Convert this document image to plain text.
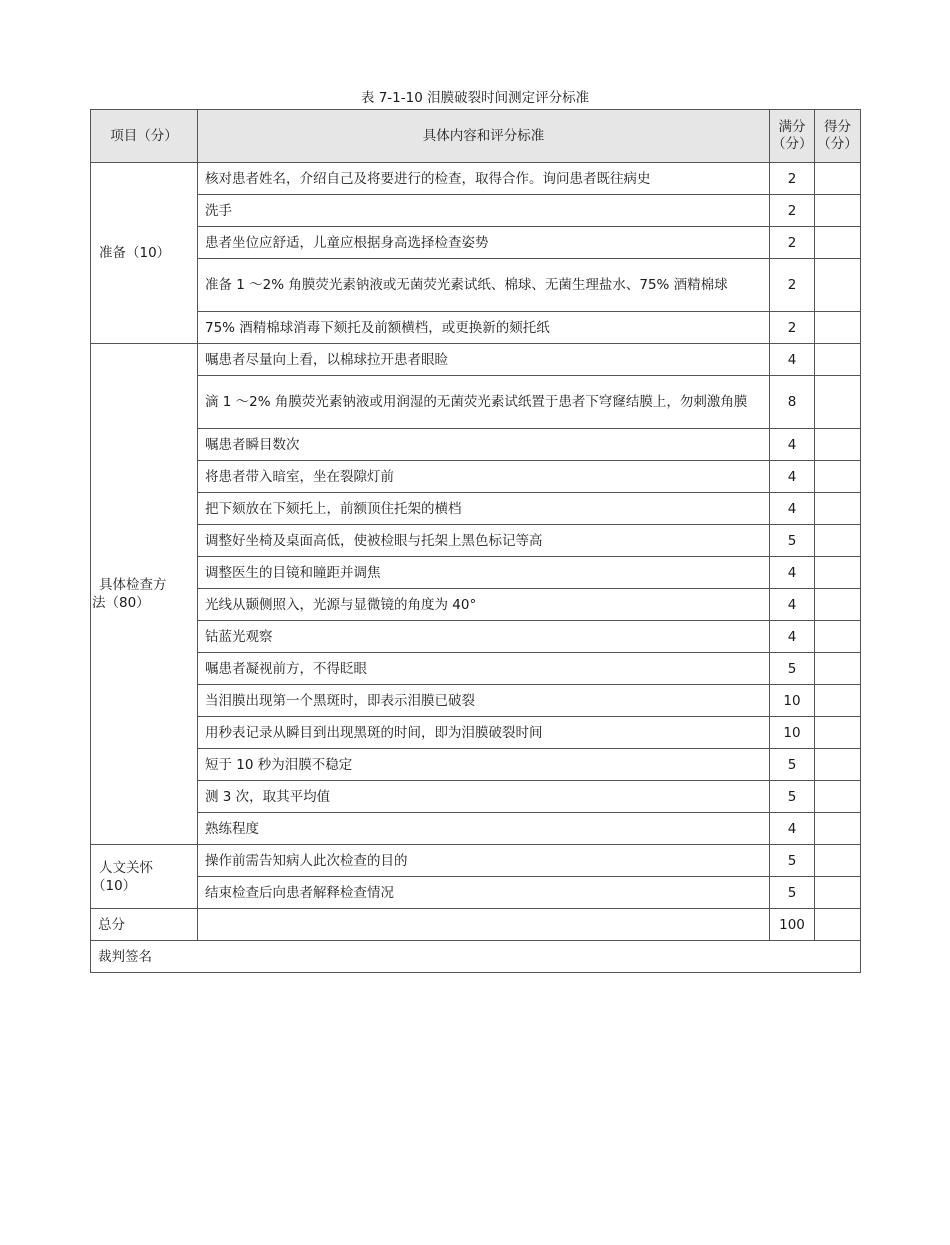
表 7-1-10 泪膜破裂时间测定评分标准
项目（分）	具体内容和评分标准	满分（分）	得分（分）

准备（10）	核对患者姓名，介绍自己及将要进行的检查，取得合作。询问患者既往病史	2	
	洗手	2	
	患者坐位应舒适，儿童应根据身高选择检查姿势	2	
	准备 1 ～2% 角膜荧光素钠液或无菌荧光素试纸、棉球、无菌生理盐水、75% 酒精棉球	2	
	75% 酒精棉球消毒下颏托及前额横档，或更换新的颏托纸	2	

具体检查方法（80）	嘱患者尽量向上看，以棉球拉开患者眼睑	4	
	滴 1 ～2% 角膜荧光素钠液或用润湿的无菌荧光素试纸置于患者下穹窿结膜上，勿刺激角膜	8	
	嘱患者瞬目数次	4	
	将患者带入暗室，坐在裂隙灯前	4	
	把下颏放在下颏托上，前额顶住托架的横档	4	
	调整好坐椅及桌面高低，使被检眼与托架上黑色标记等高	5	
	调整医生的目镜和瞳距并调焦	4	
	光线从颞侧照入，光源与显微镜的角度为 40°	4	
	钴蓝光观察	4	
	嘱患者凝视前方，不得眨眼	5	
	当泪膜出现第一个黑斑时，即表示泪膜已破裂	10	
	用秒表记录从瞬目到出现黑斑的时间，即为泪膜破裂时间	10	
	短于 10 秒为泪膜不稳定	5	
	测 3 次，取其平均值	5	
	熟练程度	4	

人文关怀（10）	操作前需告知病人此次检查的目的	5	
	结束检查后向患者解释检查情况	5	
总分		100	
裁判签名			
